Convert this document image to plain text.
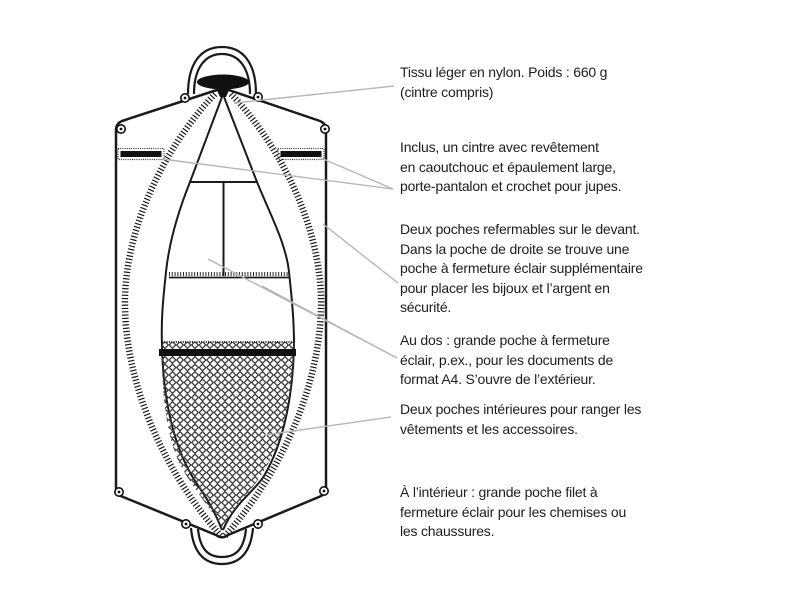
Tissu léger en nylon. Poids : 660 g
(cintre compris)
Inclus, un cintre avec revêtement
en caoutchouc et épaulement large,
porte-pantalon et crochet pour jupes.
Deux poches refermables sur le devant.
Dans la poche de droite se trouve une
poche à fermeture éclair supplémentaire
pour placer les bijoux et l’argent en
sécurité.
Au dos : grande poche à fermeture
éclair, p.ex., pour les documents de
format A4. S’ouvre de l’extérieur.
Deux poches intérieures pour ranger les
vêtements et les accessoires.
À l’intérieur : grande poche filet à
fermeture éclair pour les chemises ou
les chaussures.
